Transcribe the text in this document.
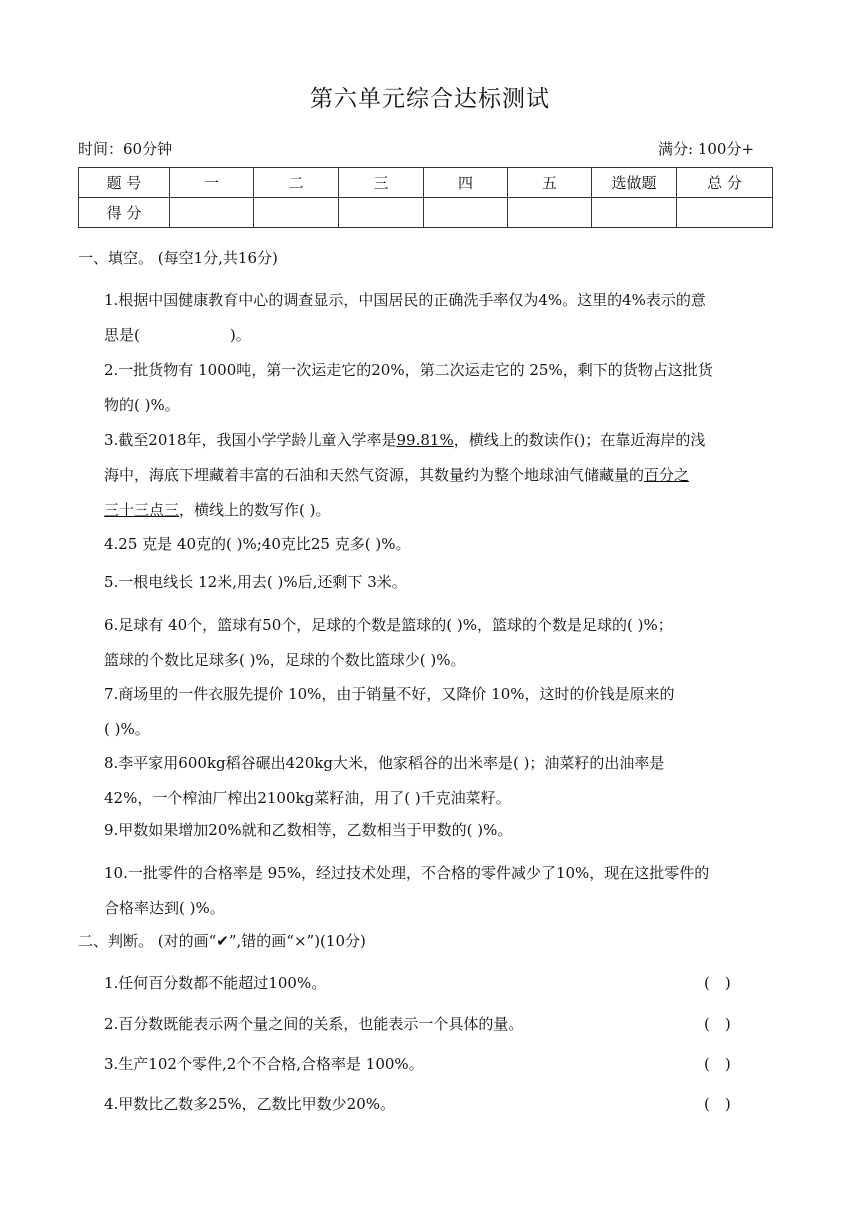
第六单元综合达标测试
时间：60分钟	满分: 100分+
题 号	一	二	三	四	五	选做题	总 分
得 分							
一、填空。 (每空1分,共16分)
1.根据中国健康教育中心的调查显示，中国居民的正确洗手率仅为4%。这里的4%表示的意
思是(　　　　　　)。
2.一批货物有 1000吨，第一次运走它的20%，第二次运走它的 25%，剩下的货物占这批货
物的( )%。
3.截至2018年，我国小学学龄儿童入学率是99.81%，横线上的数读作()；在靠近海岸的浅
海中，海底下埋藏着丰富的石油和天然气资源，其数量约为整个地球油气储藏量的百分之
三十三点三，横线上的数写作( )。
4.25 克是 40克的( )%;40克比25 克多( )%。
5.一根电线长 12米,用去( )%后,还剩下 3米。
6.足球有 40个，篮球有50个，足球的个数是篮球的( )%，篮球的个数是足球的( )%；
篮球的个数比足球多( )%，足球的个数比篮球少( )%。
7.商场里的一件衣服先提价 10%，由于销量不好，又降价 10%，这时的价钱是原来的
( )%。
8.李平家用600kg稻谷碾出420kg大米，他家稻谷的出米率是( )；油菜籽的出油率是
42%，一个榨油厂榨出2100kg菜籽油，用了( )千克油菜籽。
9.甲数如果增加20%就和乙数相等，乙数相当于甲数的( )%。
10.一批零件的合格率是 95%，经过技术处理，不合格的零件减少了10%，现在这批零件的
合格率达到( )%。
二、判断。 (对的画“✔”,错的画“×”)(10分)
1.任何百分数都不能超过100%。	(　)
2.百分数既能表示两个量之间的关系，也能表示一个具体的量。	(　)
3.生产102个零件,2个不合格,合格率是 100%。	(　)
4.甲数比乙数多25%，乙数比甲数少20%。	(　)
